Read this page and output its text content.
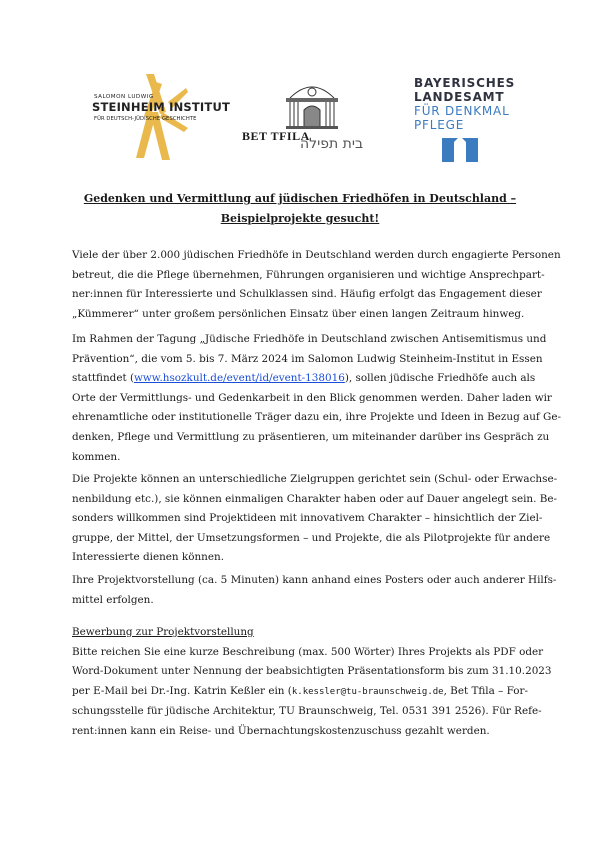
SALOMON LUDWIG
STEINHEIM INSTITUT
FÜR DEUTSCH-JÜDISCHE GESCHICHTE
BET TFILA
בית תפילה
BAYERISCHES
LANDESAMT
FÜR DENKMAL
PFLEGE
Gedenken und Vermittlung auf jüdischen Friedhöfen in Deutschland –
Beispielprojekte gesucht!

Viele der über 2.000 jüdischen Friedhöfe in Deutschland werden durch engagierte Personen
betreut, die die Pflege übernehmen, Führungen organisieren und wichtige Ansprechpart-
ner:innen für Interessierte und Schulklassen sind. Häufig erfolgt das Engagement dieser
„Kümmerer“ unter großem persönlichen Einsatz über einen langen Zeitraum hinweg.

Im Rahmen der Tagung „Jüdische Friedhöfe in Deutschland zwischen Antisemitismus und
Prävention“, die vom 5. bis 7. März 2024 im Salomon Ludwig Steinheim-Institut in Essen
stattfindet (www.hsozkult.de/event/id/event-138016), sollen jüdische Friedhöfe auch als
Orte der Vermittlungs- und Gedenkarbeit in den Blick genommen werden. Daher laden wir
ehrenamtliche oder institutionelle Träger dazu ein, ihre Projekte und Ideen in Bezug auf Ge-
denken, Pflege und Vermittlung zu präsentieren, um miteinander darüber ins Gespräch zu
kommen.

Die Projekte können an unterschiedliche Zielgruppen gerichtet sein (Schul- oder Erwachse-
nenbildung etc.), sie können einmaligen Charakter haben oder auf Dauer angelegt sein. Be-
sonders willkommen sind Projektideen mit innovativem Charakter – hinsichtlich der Ziel-
gruppe, der Mittel, der Umsetzungsformen – und Projekte, die als Pilotprojekte für andere
Interessierte dienen können.

Ihre Projektvorstellung (ca. 5 Minuten) kann anhand eines Posters oder auch anderer Hilfs-
mittel erfolgen.

Bewerbung zur Projektvorstellung
Bitte reichen Sie eine kurze Beschreibung (max. 500 Wörter) Ihres Projekts als PDF oder
Word-Dokument unter Nennung der beabsichtigten Präsentationsform bis zum 31.10.2023
per E-Mail bei Dr.-Ing. Katrin Keßler ein (k.kessler@tu-braunschweig.de, Bet Tfila – For-
schungsstelle für jüdische Architektur, TU Braunschweig, Tel. 0531 391 2526). Für Refe-
rent:innen kann ein Reise- und Übernachtungskostenzuschuss gezahlt werden.
